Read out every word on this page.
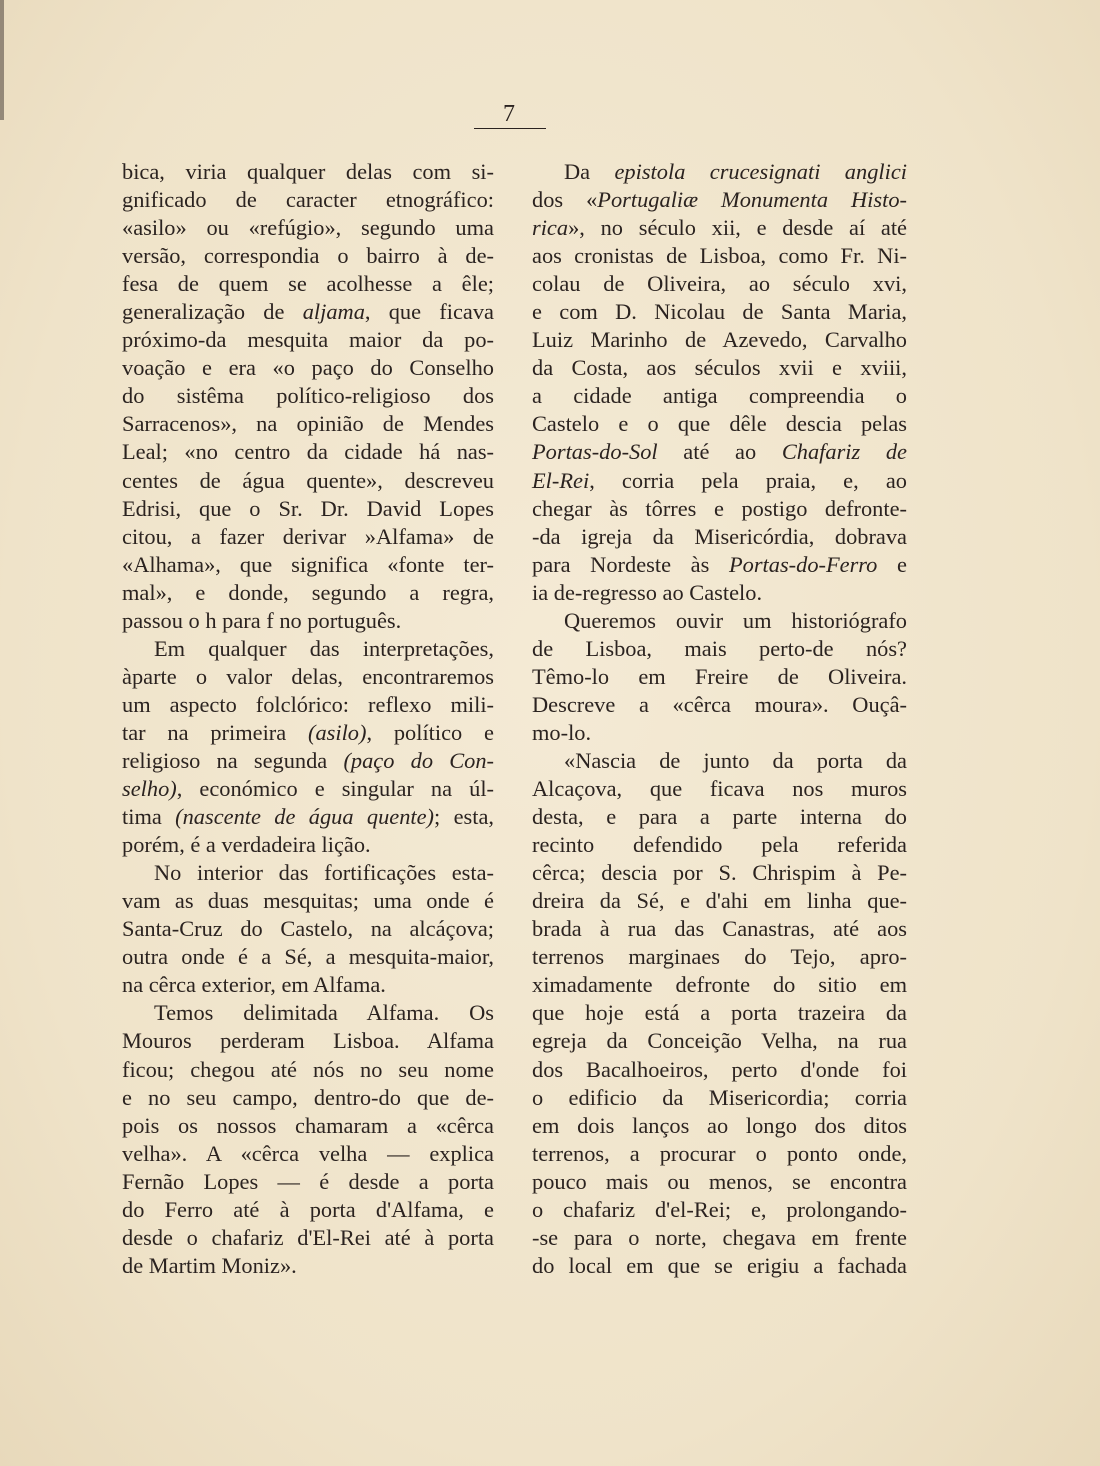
7
bica, viria qualquer delas com si-
gnificado de caracter etnográfico:
«asilo» ou «refúgio», segundo uma
versão, correspondia o bairro à de-
fesa de quem se acolhesse a êle;
generalização de aljama, que ficava
próximo-da mesquita maior da po-
voação e era «o paço do Conselho
do sistêma político-religioso dos
Sarracenos», na opinião de Mendes
Leal; «no centro da cidade há nas-
centes de água quente», descreveu
Edrisi, que o Sr. Dr. David Lopes
citou, a fazer derivar »Alfama» de
«Alhama», que significa «fonte ter-
mal», e donde, segundo a regra,
passou o h para f no português.
Em qualquer das interpretações,
àparte o valor delas, encontraremos
um aspecto folclórico: reflexo mili-
tar na primeira (asilo), político e
religioso na segunda (paço do Con-
selho), económico e singular na úl-
tima (nascente de água quente); esta,
porém, é a verdadeira lição.
No interior das fortificações esta-
vam as duas mesquitas; uma onde é
Santa-Cruz do Castelo, na alcáçova;
outra onde é a Sé, a mesquita-maior,
na cêrca exterior, em Alfama.
Temos delimitada Alfama. Os
Mouros perderam Lisboa. Alfama
ficou; chegou até nós no seu nome
e no seu campo, dentro-do que de-
pois os nossos chamaram a «cêrca
velha». A «cêrca velha — explica
Fernão Lopes — é desde a porta
do Ferro até à porta d'Alfama, e
desde o chafariz d'El-Rei até à porta
de Martim Moniz».
Da epistola crucesignati anglici
dos «Portugaliæ Monumenta Histo-
rica», no século xii, e desde aí até
aos cronistas de Lisboa, como Fr. Ni-
colau de Oliveira, ao século xvi,
e com D. Nicolau de Santa Maria,
Luiz Marinho de Azevedo, Carvalho
da Costa, aos séculos xvii e xviii,
a cidade antiga compreendia o
Castelo e o que dêle descia pelas
Portas-do-Sol até ao Chafariz de
El-Rei, corria pela praia, e, ao
chegar às tôrres e postigo defronte-
-da igreja da Misericórdia, dobrava
para Nordeste às Portas-do-Ferro e
ia de-regresso ao Castelo.
Queremos ouvir um historiógrafo
de Lisboa, mais perto-de nós?
Têmo-lo em Freire de Oliveira.
Descreve a «cêrca moura». Ouçâ-
mo-lo.
«Nascia de junto da porta da
Alcaçova, que ficava nos muros
desta, e para a parte interna do
recinto defendido pela referida
cêrca; descia por S. Chrispim à Pe-
dreira da Sé, e d'ahi em linha que-
brada à rua das Canastras, até aos
terrenos marginaes do Tejo, apro-
ximadamente defronte do sitio em
que hoje está a porta trazeira da
egreja da Conceição Velha, na rua
dos Bacalhoeiros, perto d'onde foi
o edificio da Misericordia; corria
em dois lanços ao longo dos ditos
terrenos, a procurar o ponto onde,
pouco mais ou menos, se encontra
o chafariz d'el-Rei; e, prolongando-
-se para o norte, chegava em frente
do local em que se erigiu a fachada
